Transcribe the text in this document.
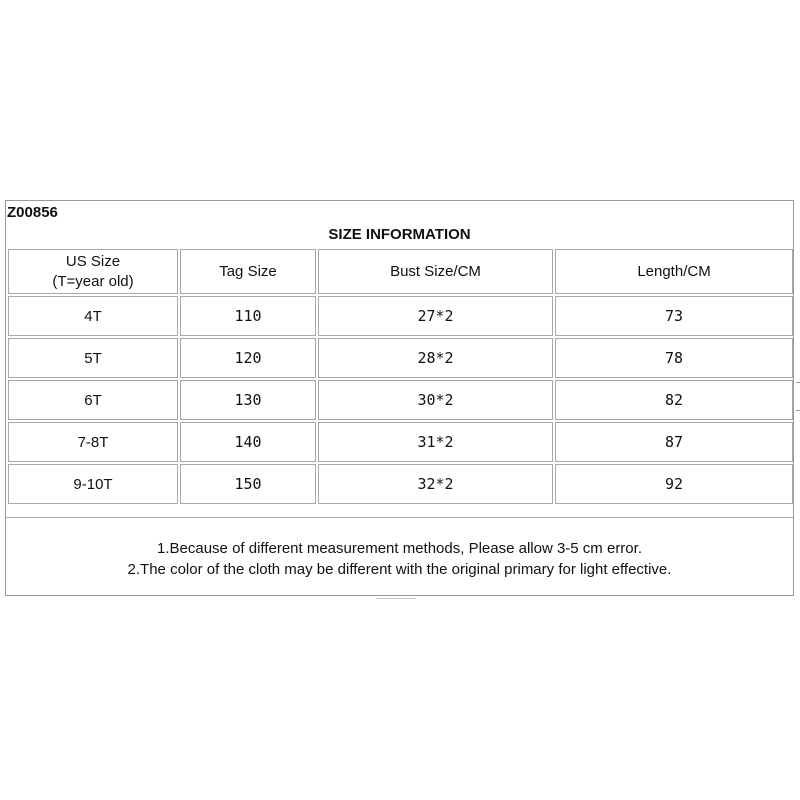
Z00856
SIZE INFORMATION
US Size
(T=year old)	Tag Size	Bust Size/CM	Length/CM
4T	110	27*2	73
5T	120	28*2	78
6T	130	30*2	82
7-8T	140	31*2	87
9-10T	150	32*2	92
1.Because of different measurement methods, Please allow 3-5 cm error.
2.The color of the cloth may be different with the original primary for light effective.
